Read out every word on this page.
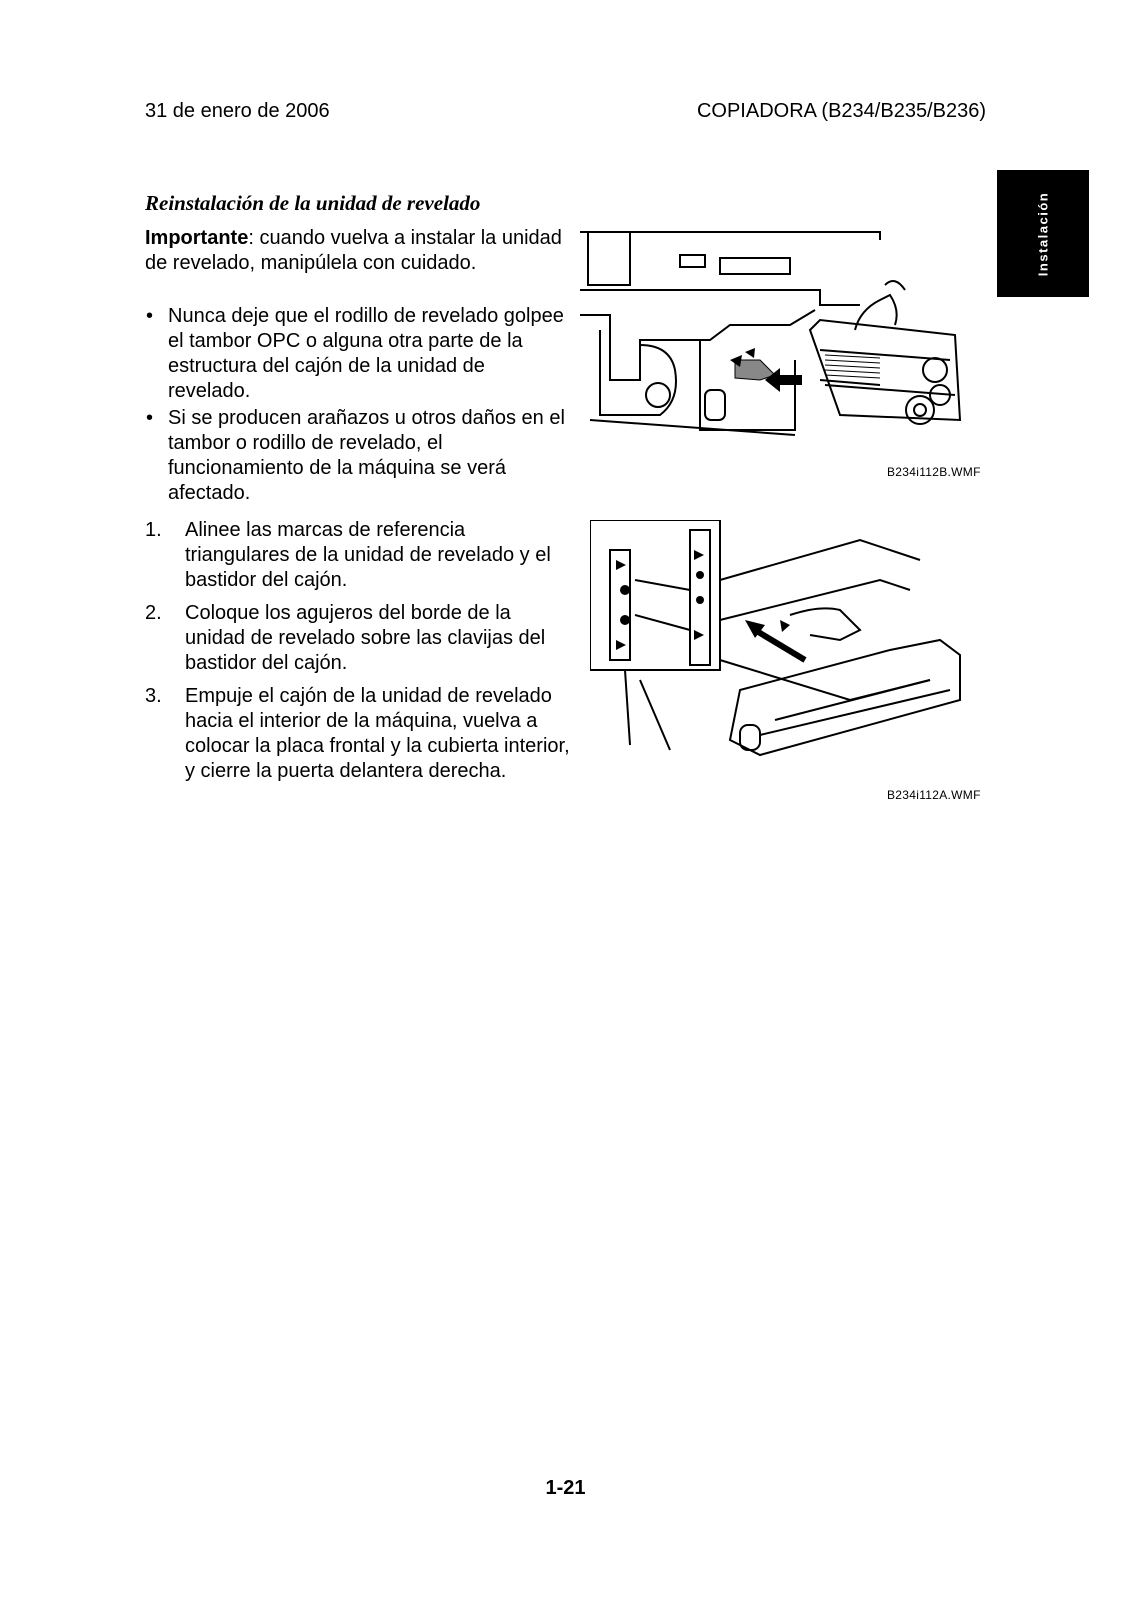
31 de enero de 2006	COPIADORA (B234/B235/B236)
Instalación
Reinstalación de la unidad de revelado
Importante: cuando vuelva a instalar la unidad de revelado, manipúlela con cuidado.
• Nunca deje que el rodillo de revelado golpee el tambor OPC o alguna otra parte de la estructura del cajón de la unidad de revelado.
• Si se producen arañazos u otros daños en el tambor o rodillo de revelado, el funcionamiento de la máquina se verá afectado.
1. Alinee las marcas de referencia triangulares de la unidad de revelado y el bastidor del cajón.
2. Coloque los agujeros del borde de la unidad de revelado sobre las clavijas del bastidor del cajón.
3. Empuje el cajón de la unidad de revelado hacia el interior de la máquina, vuelva a colocar la placa frontal y la cubierta interior, y cierre la puerta delantera derecha.
B234i112B.WMF
B234i112A.WMF
1-21
